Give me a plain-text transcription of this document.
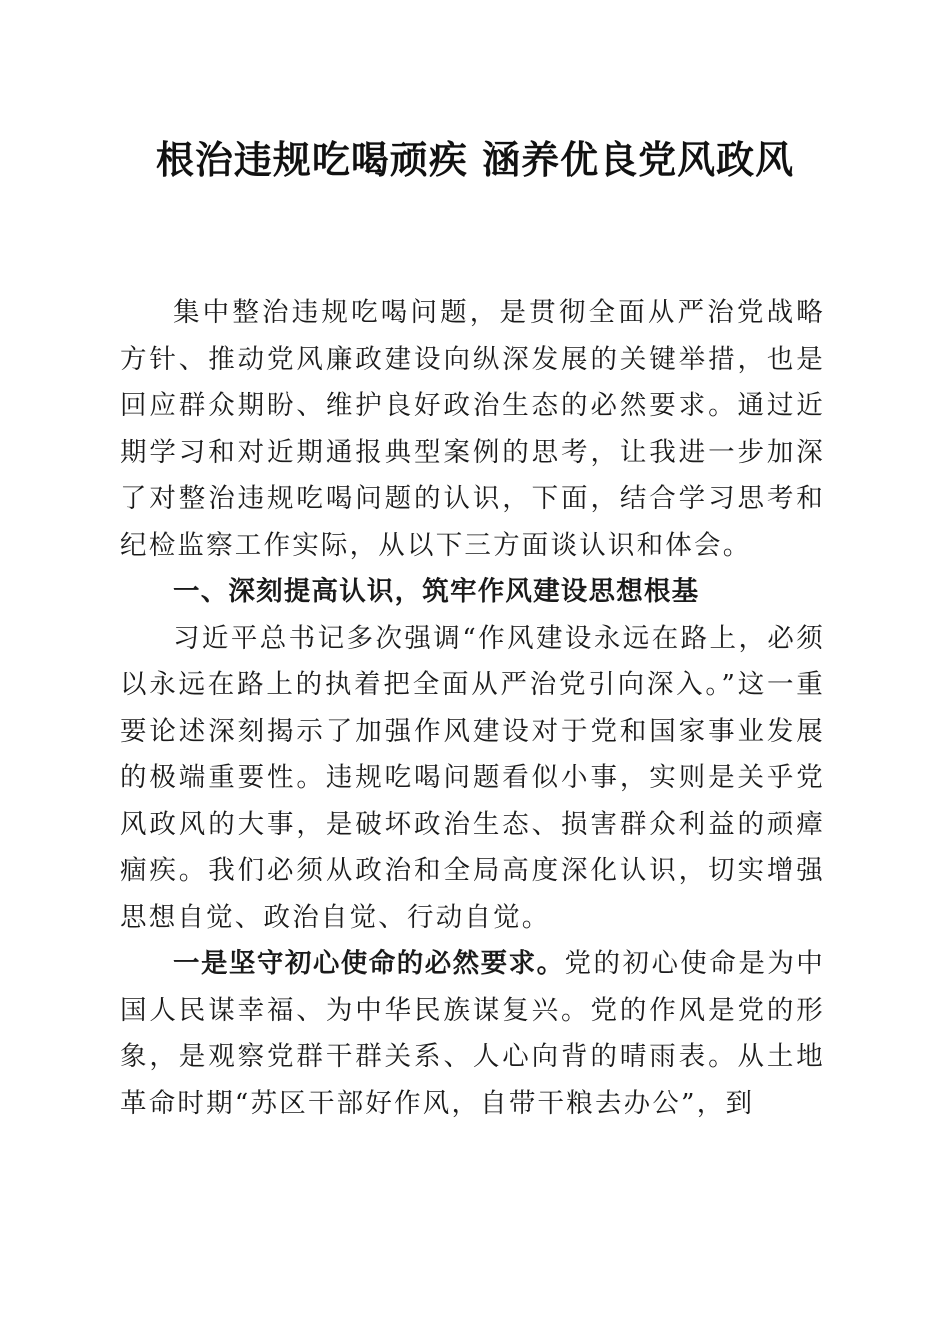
根治违规吃喝顽疾 涵养优良党风政风

集中整治违规吃喝问题，是贯彻全面从严治党战略方针、推动党风廉政建设向纵深发展的关键举措，也是回应群众期盼、维护良好政治生态的必然要求。通过近期学习和对近期通报典型案例的思考，让我进一步加深了对整治违规吃喝问题的认识，下面，结合学习思考和纪检监察工作实际，从以下三方面谈认识和体会。

一、深刻提高认识，筑牢作风建设思想根基

习近平总书记多次强调“作风建设永远在路上，必须以永远在路上的执着把全面从严治党引向深入。”这一重要论述深刻揭示了加强作风建设对于党和国家事业发展的极端重要性。违规吃喝问题看似小事，实则是关乎党风政风的大事，是破坏政治生态、损害群众利益的顽瘴痼疾。我们必须从政治和全局高度深化认识，切实增强思想自觉、政治自觉、行动自觉。

一是坚守初心使命的必然要求。党的初心使命是为中国人民谋幸福、为中华民族谋复兴。党的作风是党的形象，是观察党群干群关系、人心向背的晴雨表。从土地革命时期“苏区干部好作风，自带干粮去办公”，到
